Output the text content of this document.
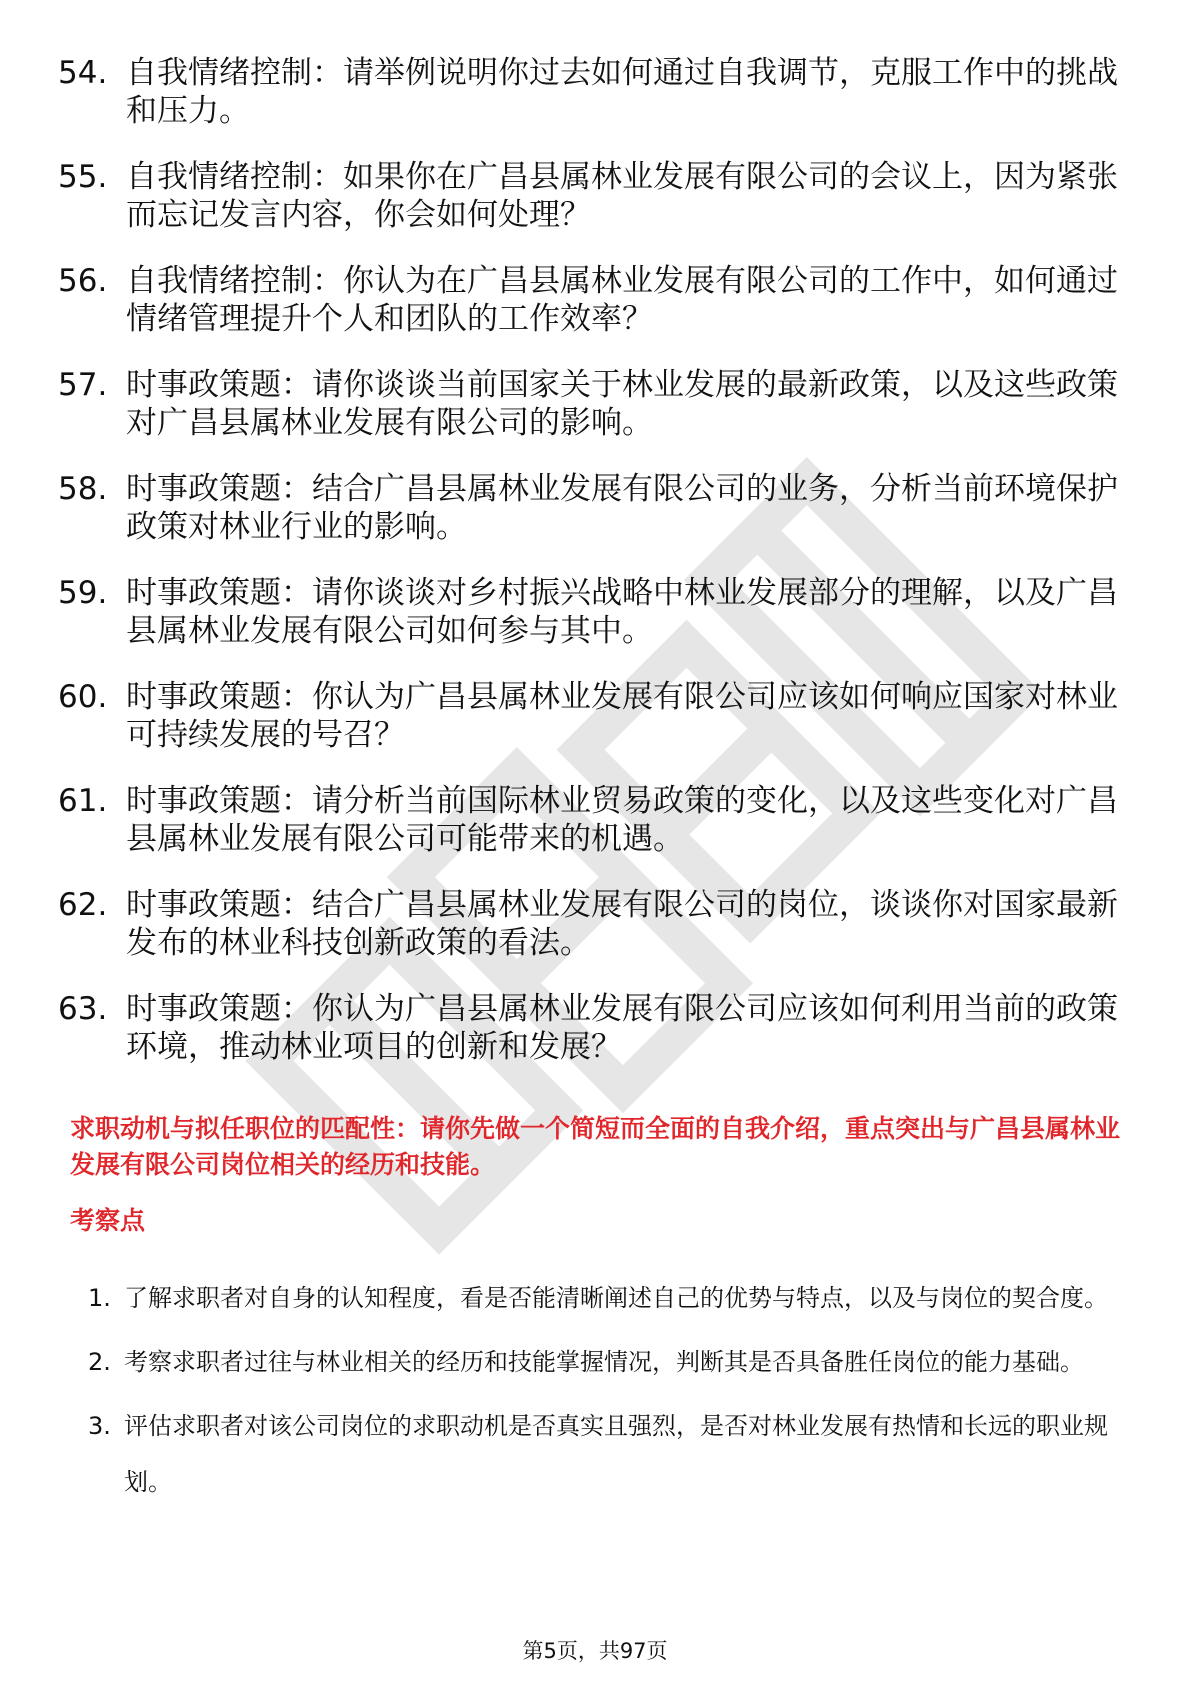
54. 自我情绪控制：请举例说明你过去如何通过自我调节，克服工作中的挑战和压力。
55. 自我情绪控制：如果你在广昌县属林业发展有限公司的会议上，因为紧张而忘记发言内容，你会如何处理？
56. 自我情绪控制：你认为在广昌县属林业发展有限公司的工作中，如何通过情绪管理提升个人和团队的工作效率？
57. 时事政策题：请你谈谈当前国家关于林业发展的最新政策，以及这些政策对广昌县属林业发展有限公司的影响。
58. 时事政策题：结合广昌县属林业发展有限公司的业务，分析当前环境保护政策对林业行业的影响。
59. 时事政策题：请你谈谈对乡村振兴战略中林业发展部分的理解，以及广昌县属林业发展有限公司如何参与其中。
60. 时事政策题：你认为广昌县属林业发展有限公司应该如何响应国家对林业可持续发展的号召？
61. 时事政策题：请分析当前国际林业贸易政策的变化，以及这些变化对广昌县属林业发展有限公司可能带来的机遇。
62. 时事政策题：结合广昌县属林业发展有限公司的岗位，谈谈你对国家最新发布的林业科技创新政策的看法。
63. 时事政策题：你认为广昌县属林业发展有限公司应该如何利用当前的政策环境，推动林业项目的创新和发展？
求职动机与拟任职位的匹配性：请你先做一个简短而全面的自我介绍，重点突出与广昌县属林业发展有限公司岗位相关的经历和技能。
考察点
1. 了解求职者对自身的认知程度，看是否能清晰阐述自己的优势与特点，以及与岗位的契合度。
2. 考察求职者过往与林业相关的经历和技能掌握情况，判断其是否具备胜任岗位的能力基础。
3. 评估求职者对该公司岗位的求职动机是否真实且强烈，是否对林业发展有热情和长远的职业规划。
第5页，共97页
